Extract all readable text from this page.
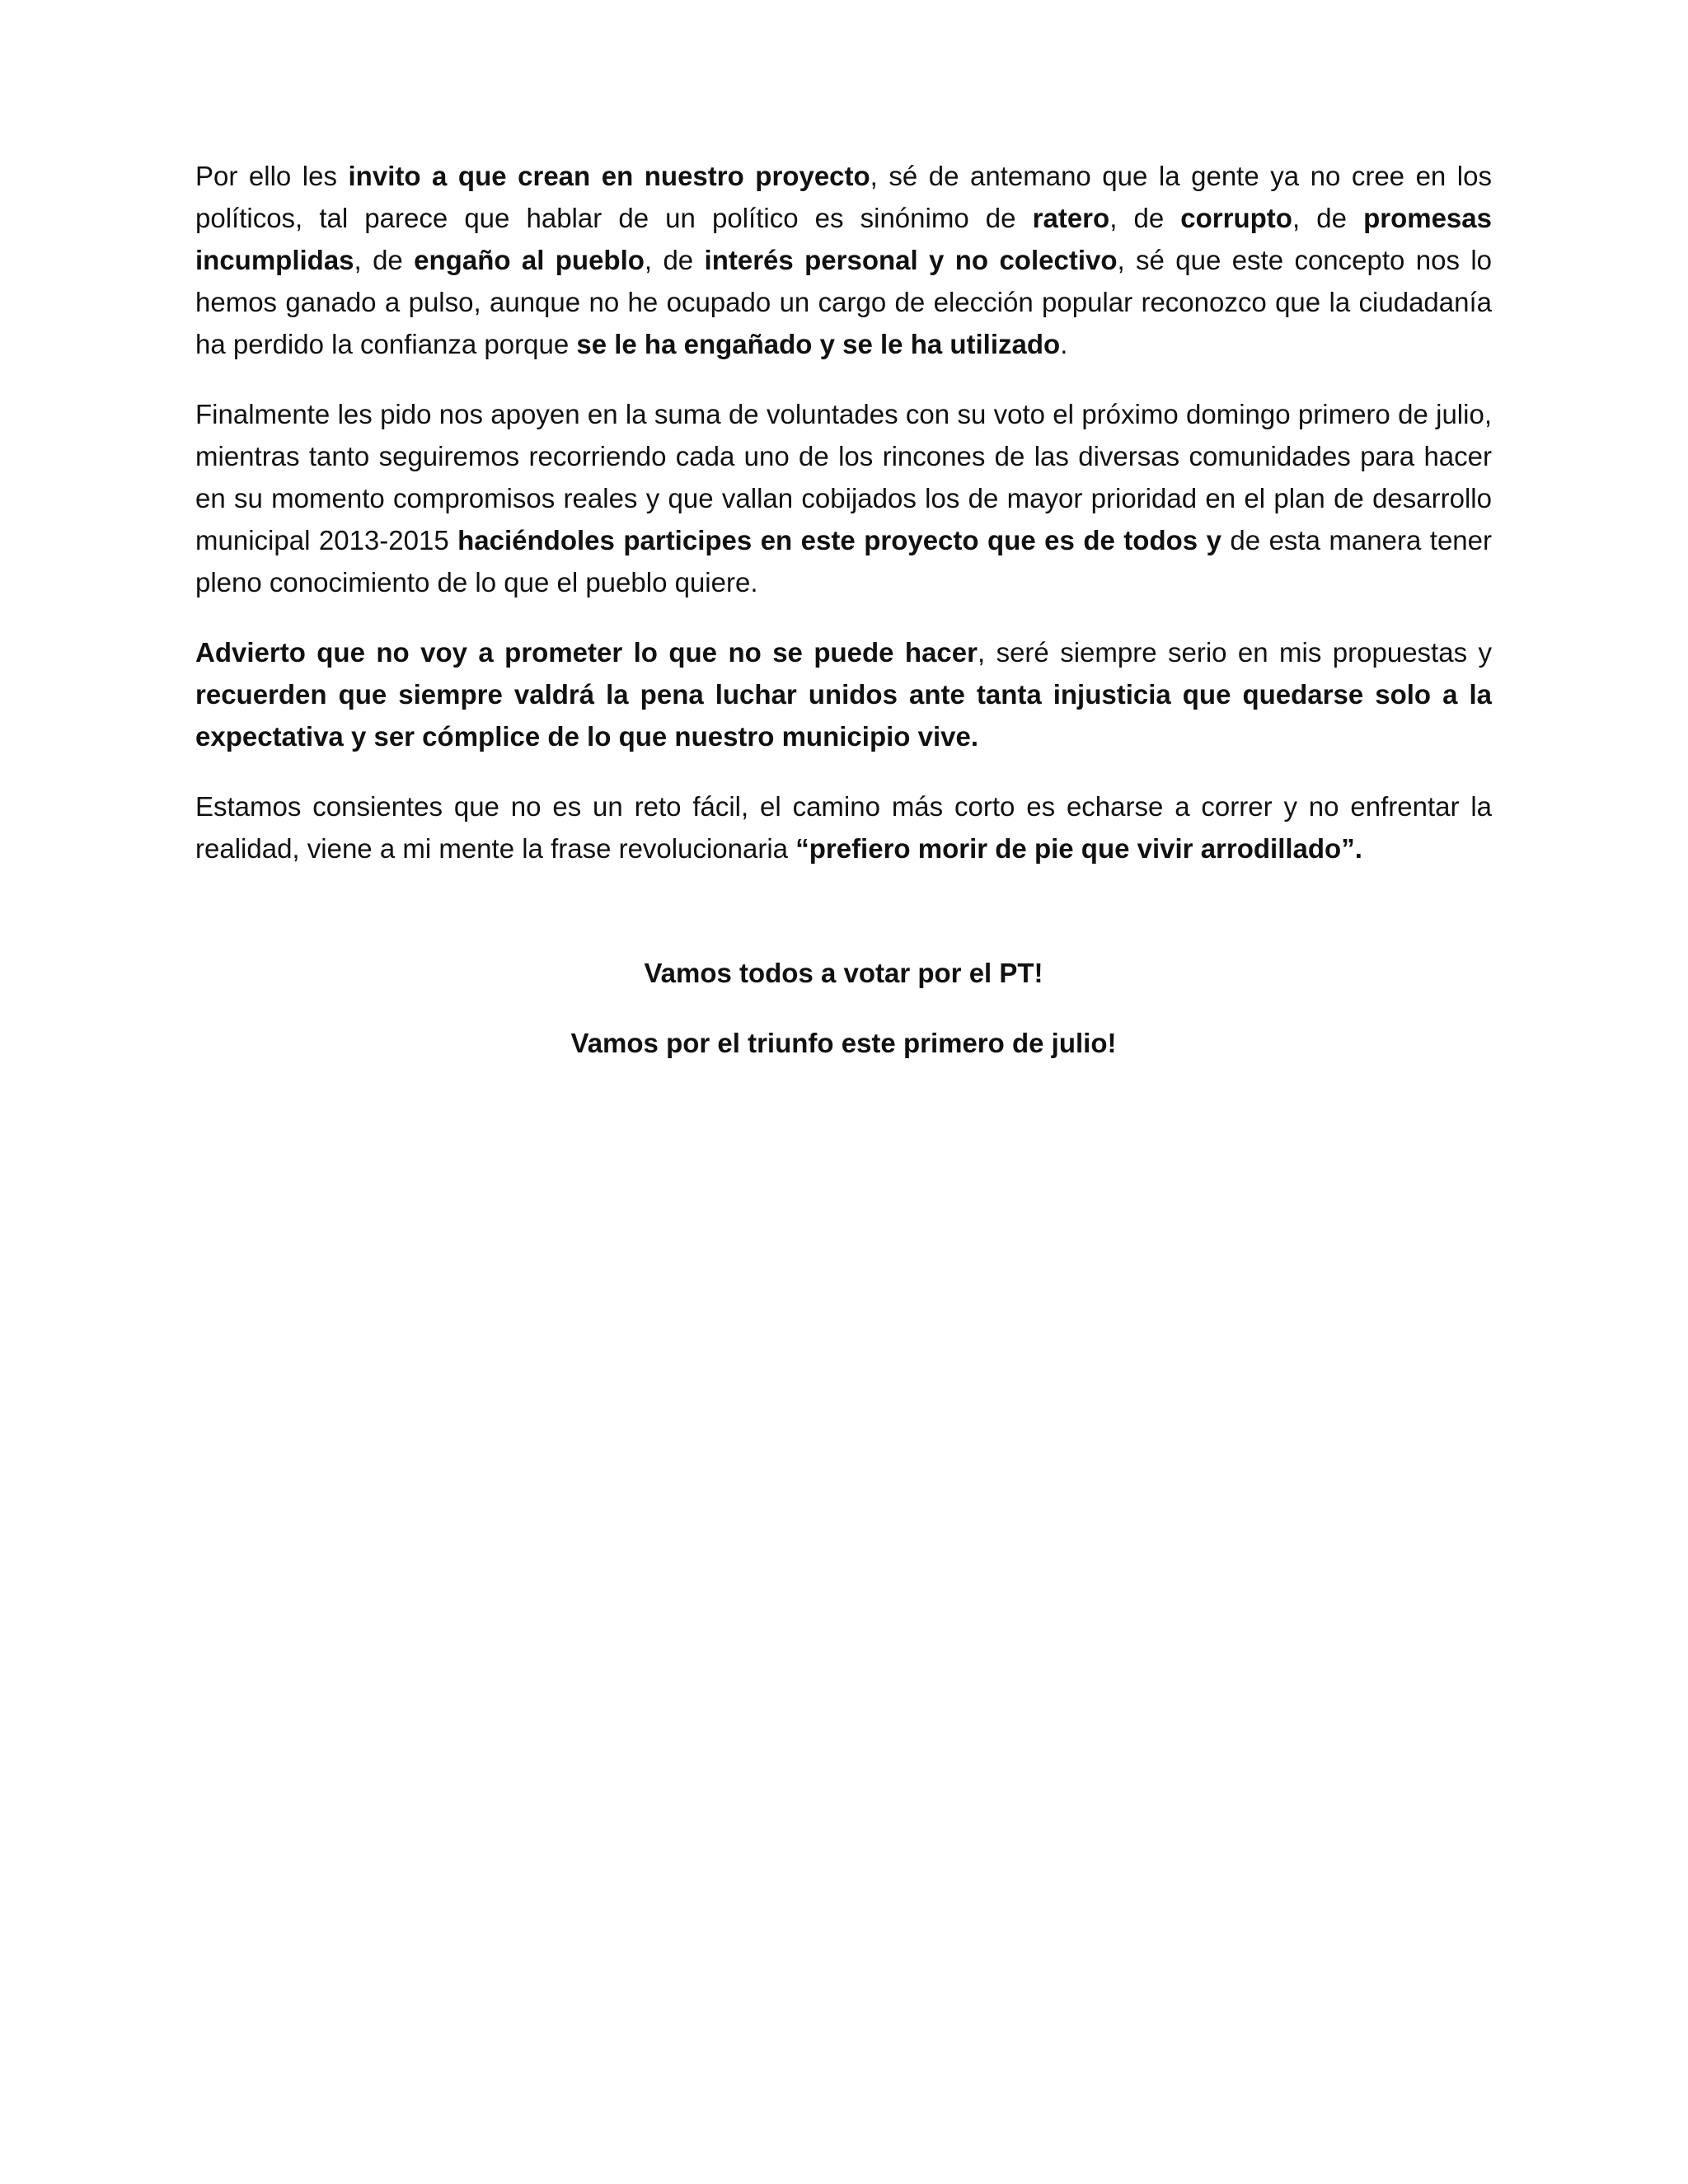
Por ello les invito a que crean en nuestro proyecto, sé de antemano que la gente ya no cree en los políticos, tal parece que hablar de un político es sinónimo de ratero, de corrupto, de promesas incumplidas, de engaño al pueblo, de interés personal y no colectivo, sé que este concepto nos lo hemos ganado a pulso, aunque no he ocupado un cargo de elección popular reconozco que la ciudadanía ha perdido la confianza porque se le ha engañado y se le ha utilizado.

Finalmente les pido nos apoyen en la suma de voluntades con su voto el próximo domingo primero de julio, mientras tanto seguiremos recorriendo cada uno de los rincones de las diversas comunidades para hacer en su momento compromisos reales y que vallan cobijados los de mayor prioridad en el plan de desarrollo municipal 2013-2015 haciéndoles participes en este proyecto que es de todos y de esta manera tener pleno conocimiento de lo que el pueblo quiere.

Advierto que no voy a prometer lo que no se puede hacer, seré siempre serio en mis propuestas y recuerden que siempre valdrá la pena luchar unidos ante tanta injusticia que quedarse solo a la expectativa y ser cómplice de lo que nuestro municipio vive.

Estamos consientes que no es un reto fácil, el camino más corto es echarse a correr y no enfrentar la realidad, viene a mi mente la frase revolucionaria “prefiero morir de pie que vivir arrodillado”.

Vamos todos a votar por el PT!

Vamos por el triunfo este primero de julio!
